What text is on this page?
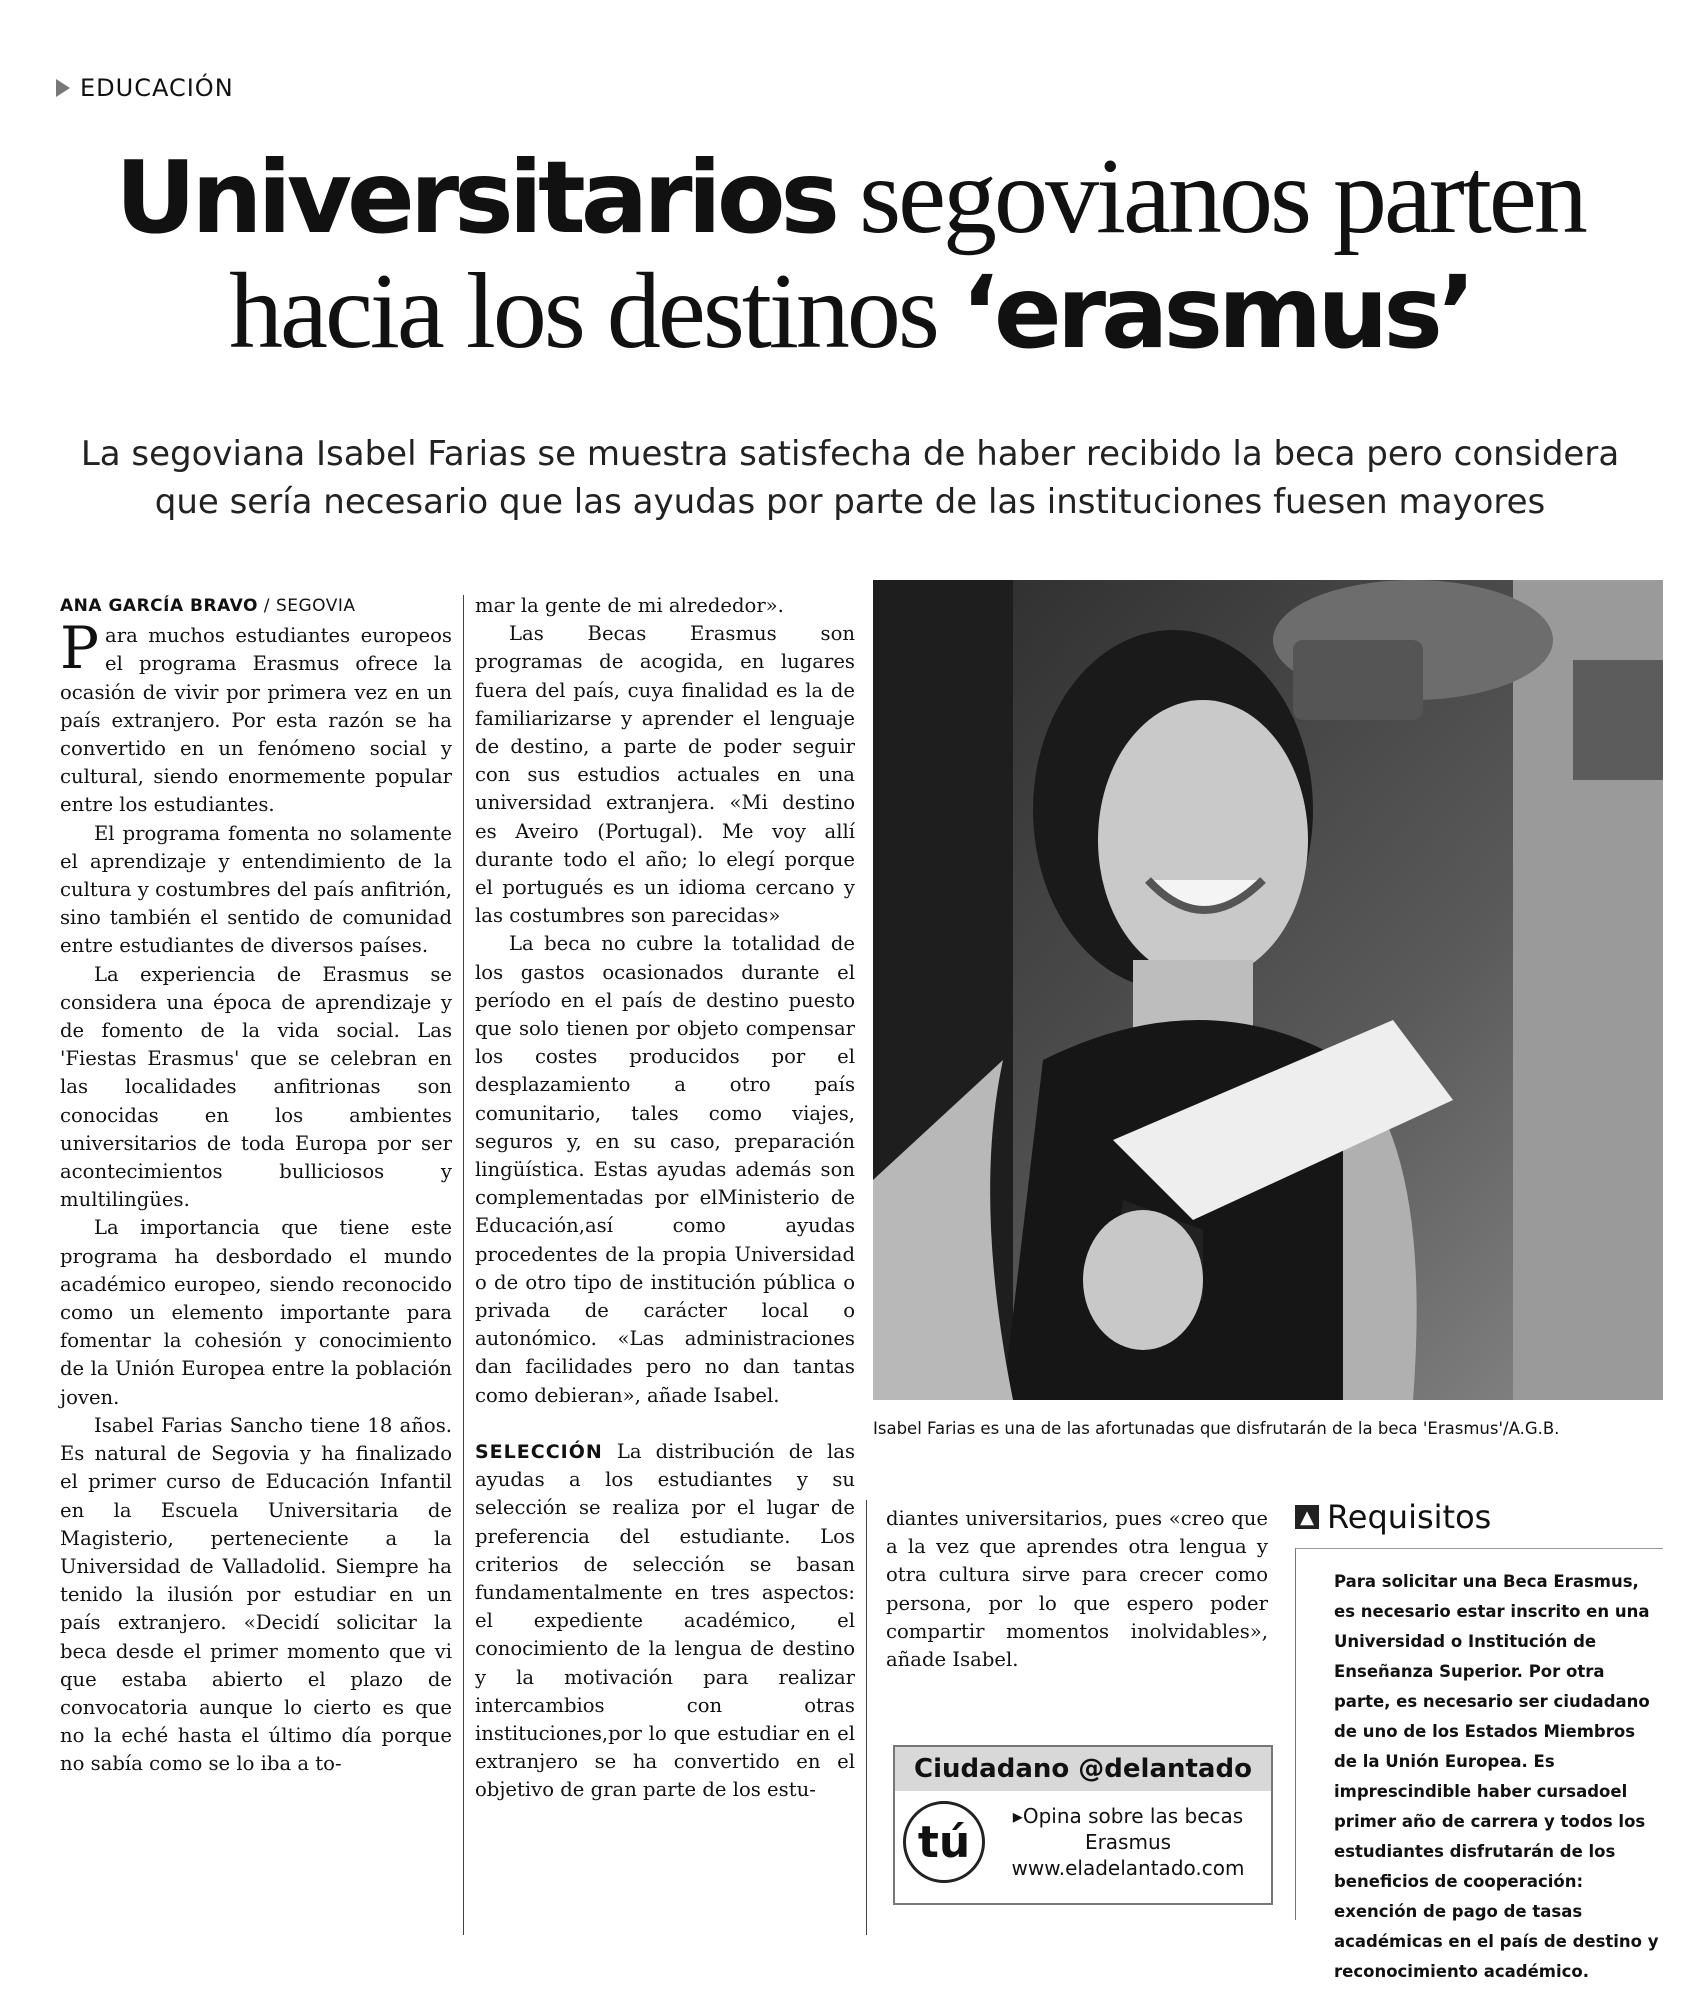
EDUCACIÓN
Universitarios segovianos parten
hacia los destinos ‘erasmus’
La segoviana Isabel Farias se muestra satisfecha de haber recibido la beca pero considera
que sería necesario que las ayudas por parte de las instituciones fuesen mayores
ANA GARCÍA BRAVO / SEGOVIA

Para muchos estudiantes europeos el programa Erasmus ofrece la ocasión de vivir por primera vez en un país extranjero. Por esta razón se ha convertido en un fenómeno social y cultural, siendo enormemente popular entre los estudiantes.

El programa fomenta no solamente el aprendizaje y entendimiento de la cultura y costumbres del país anfitrión, sino también el sentido de comunidad entre estudiantes de diversos países.

La experiencia de Erasmus se considera una época de aprendizaje y de fomento de la vida social. Las 'Fiestas Erasmus' que se celebran en las localidades anfitrionas son conocidas en los ambientes universitarios de toda Europa por ser acontecimientos bulliciosos y multilingües.

La importancia que tiene este programa ha desbordado el mundo académico europeo, siendo reconocido como un elemento importante para fomentar la cohesión y conocimiento de la Unión Europea entre la población joven.

Isabel Farias Sancho tiene 18 años. Es natural de Segovia y ha finalizado el primer curso de Educación Infantil en la Escuela Universitaria de Magisterio, perteneciente a la Universidad de Valladolid. Siempre ha tenido la ilusión por estudiar en un país extranjero. «Decidí solicitar la beca desde el primer momento que vi que estaba abierto el plazo de convocatoria aunque lo cierto es que no la eché hasta el último día porque no sabía como se lo iba a to-

mar la gente de mi alrededor».

Las Becas Erasmus son programas de acogida, en lugares fuera del país, cuya finalidad es la de familiarizarse y aprender el lenguaje de destino, a parte de poder seguir con sus estudios actuales en una universidad extranjera. «Mi destino es Aveiro (Portugal). Me voy allí durante todo el año; lo elegí porque el portugués es un idioma cercano y las costumbres son parecidas»

La beca no cubre la totalidad de los gastos ocasionados durante el período en el país de destino puesto que solo tienen por objeto compensar los costes producidos por el desplazamiento a otro país comunitario, tales como viajes, seguros y, en su caso, preparación lingüística. Estas ayudas además son complementadas por elMinisterio de Educación,así como ayudas procedentes de la propia Universidad o de otro tipo de institución pública o privada de carácter local o autonómico. «Las administraciones dan facilidades pero no dan tantas como debieran», añade Isabel.

SELECCIÓN La distribución de las ayudas a los estudiantes y su selección se realiza por el lugar de preferencia del estudiante. Los criterios de selección se basan fundamentalmente en tres aspectos: el expediente académico, el conocimiento de la lengua de destino y la motivación para realizar intercambios con otras instituciones,por lo que estudiar en el extranjero se ha convertido en el objetivo de gran parte de los estu-

Isabel Farias es una de las afortunadas que disfrutarán de la beca 'Erasmus'/A.G.B.

diantes universitarios, pues «creo que a la vez que aprendes otra lengua y otra cultura sirve para crecer como persona, por lo que espero poder compartir momentos inolvidables», añade Isabel.

Ciudadano @delantado
tú
▸Opina sobre las becas
Erasmus
www.eladelantado.com
▲ Requisitos
Para solicitar una Beca Erasmus, es necesario estar inscrito en una Universidad o Institución de Enseñanza Superior. Por otra parte, es necesario ser ciudadano de uno de los Estados Miembros de la Unión Europea. Es imprescindible haber cursadoel primer año de carrera y todos los estudiantes disfrutarán de los beneficios de cooperación: exención de pago de tasas académicas en el país de destino y reconocimiento académico.
